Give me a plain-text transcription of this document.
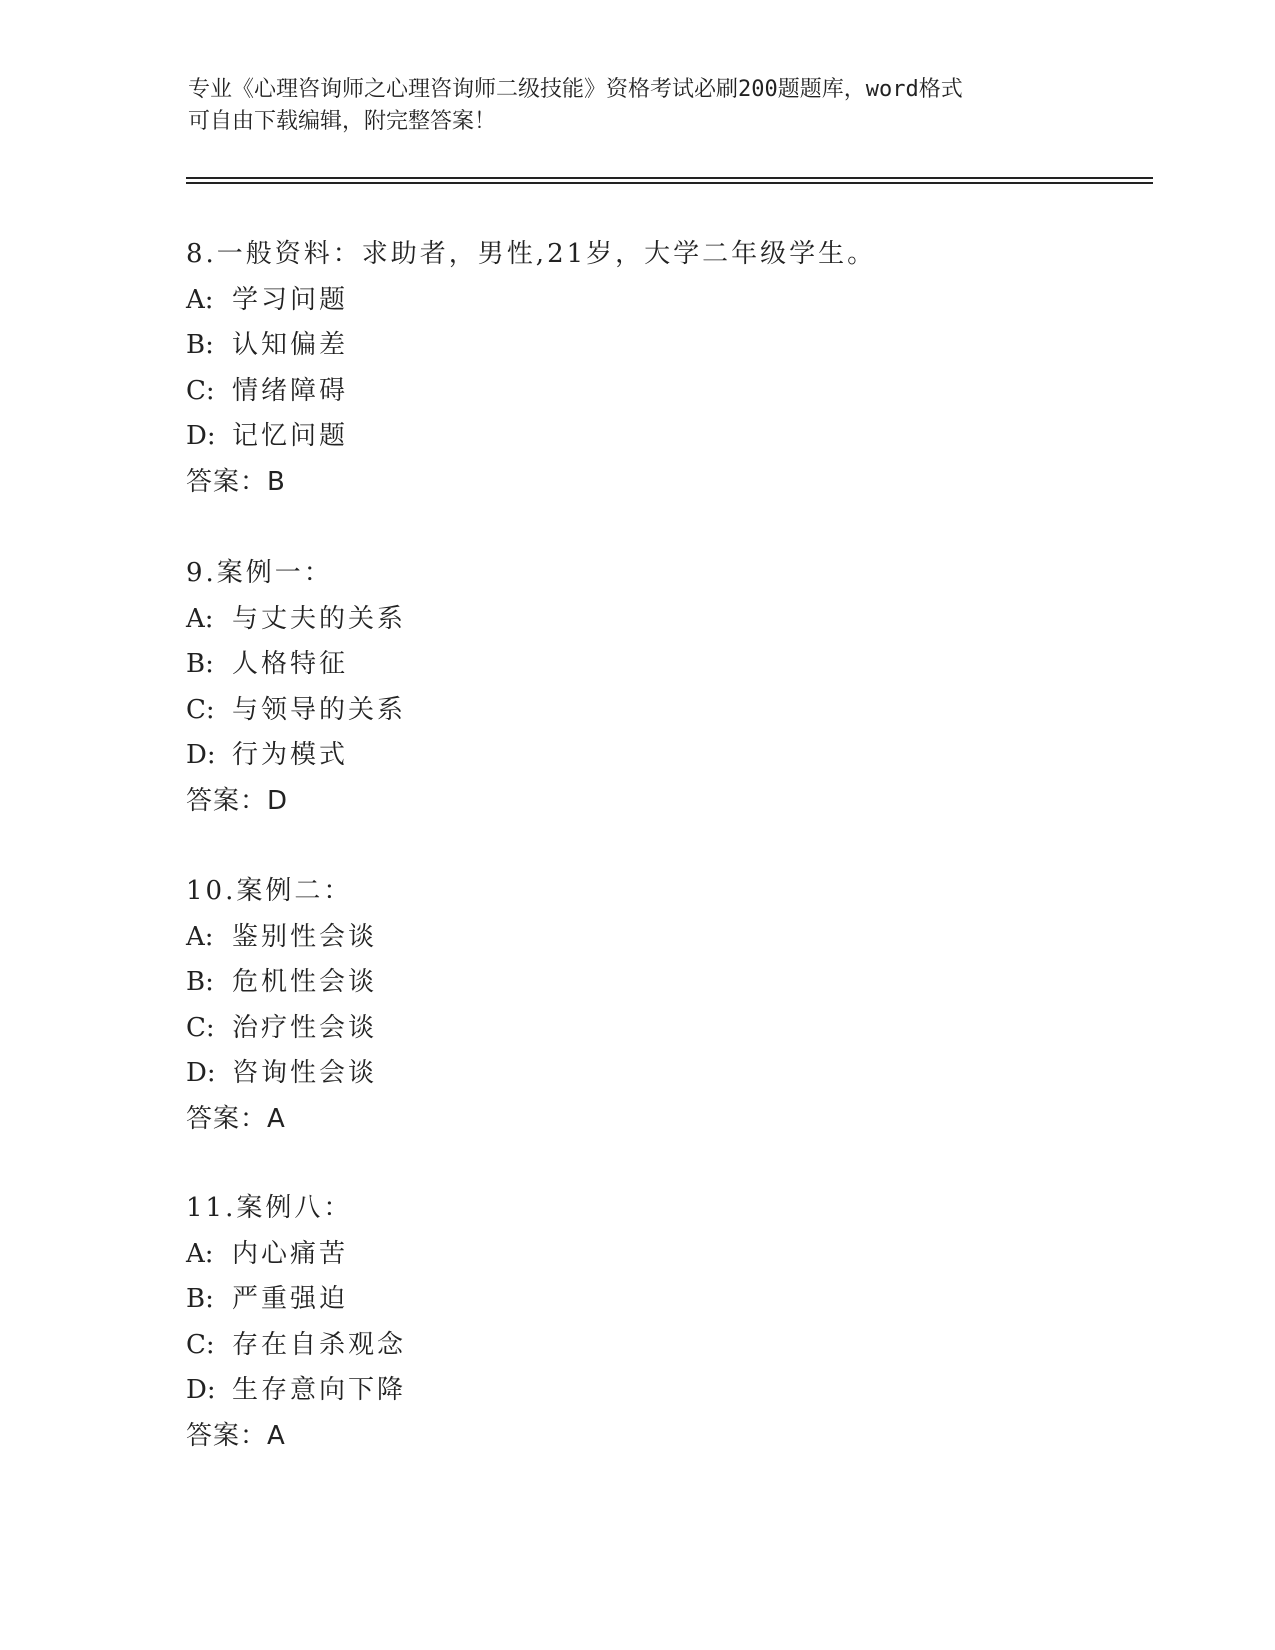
专业《心理咨询师之心理咨询师二级技能》资格考试必刷200题题库，word格式
可自由下载编辑，附完整答案！
8.一般资料：求助者，男性,21岁，大学二年级学生。
A: 学习问题
B: 认知偏差
C: 情绪障碍
D: 记忆问题
答案：B
9.案例一：
A: 与丈夫的关系
B: 人格特征
C: 与领导的关系
D: 行为模式
答案：D
10.案例二：
A: 鉴别性会谈
B: 危机性会谈
C: 治疗性会谈
D: 咨询性会谈
答案：A
11.案例八：
A: 内心痛苦
B: 严重强迫
C: 存在自杀观念
D: 生存意向下降
答案：A
